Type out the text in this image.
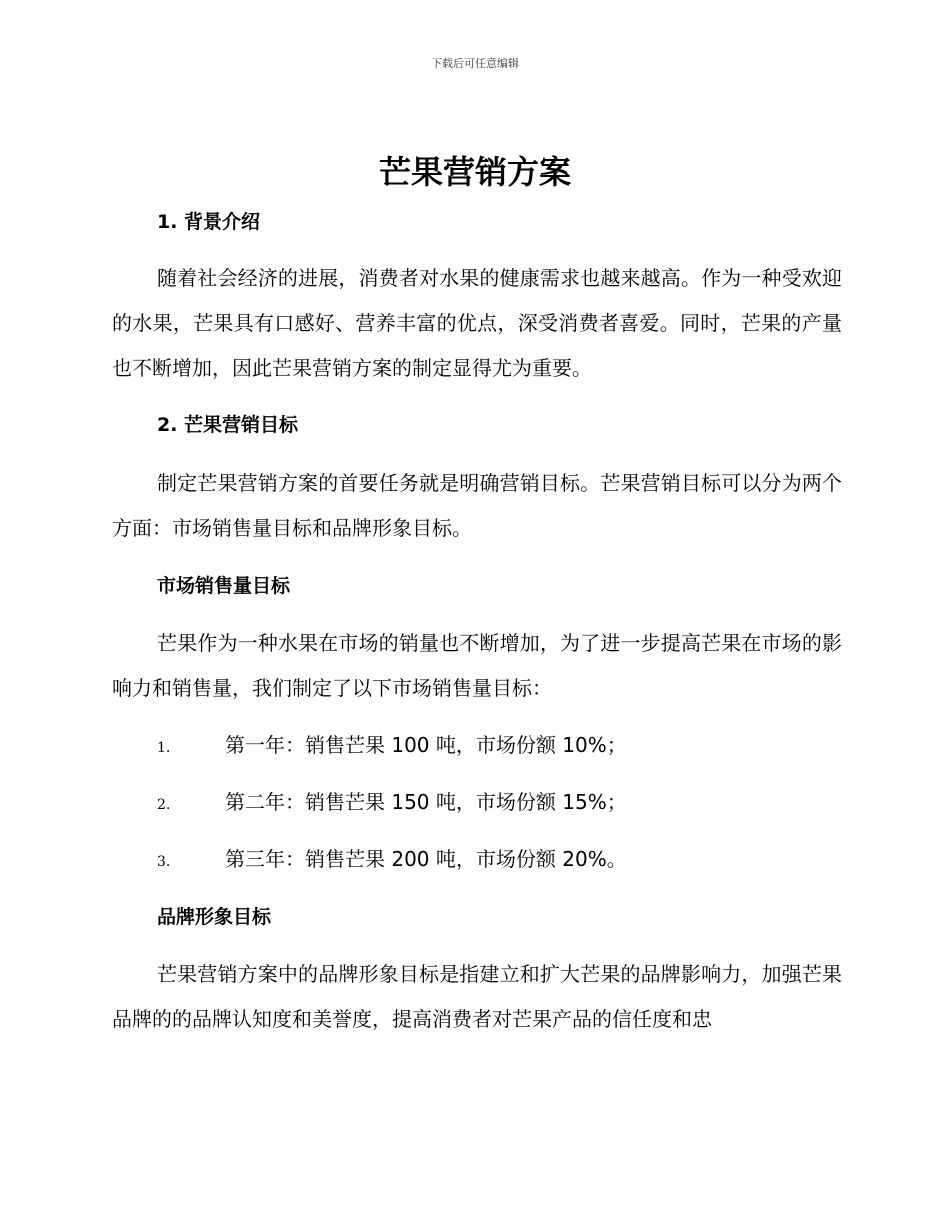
下载后可任意编辑
芒果营销方案
1. 背景介绍

随着社会经济的进展，消费者对水果的健康需求也越来越高。作为一种受欢迎的水果，芒果具有口感好、营养丰富的优点，深受消费者喜爱。同时，芒果的产量也不断增加，因此芒果营销方案的制定显得尤为重要。

2. 芒果营销目标

制定芒果营销方案的首要任务就是明确营销目标。芒果营销目标可以分为两个方面：市场销售量目标和品牌形象目标。

市场销售量目标

芒果作为一种水果在市场的销量也不断增加，为了进一步提高芒果在市场的影响力和销售量，我们制定了以下市场销售量目标：

1.	第一年：销售芒果 100 吨，市场份额 10%；
2.	第二年：销售芒果 150 吨，市场份额 15%；
3.	第三年：销售芒果 200 吨，市场份额 20%。
品牌形象目标

芒果营销方案中的品牌形象目标是指建立和扩大芒果的品牌影响力，加强芒果品牌的的品牌认知度和美誉度，提高消费者对芒果产品的信任度和忠
